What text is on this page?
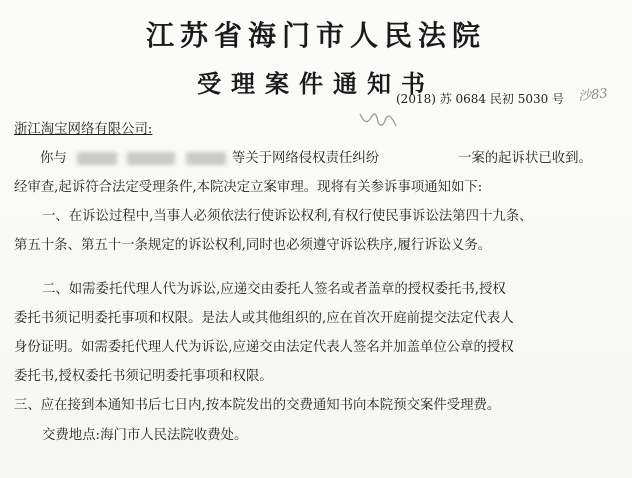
江苏省海门市人民法院
受理案件通知书
(2018) 苏 0684 民初 5030 号 沙83
浙江淘宝网络有限公司:
你与	等关于网络侵权责任纠纷	一案的起诉状已收到。
经审查,起诉符合法定受理条件,本院决定立案审理。现将有关参诉事项通知如下:
一、在诉讼过程中,当事人必须依法行使诉讼权利,有权行使民事诉讼法第四十九条、
第五十条、第五十一条规定的诉讼权利,同时也必须遵守诉讼秩序,履行诉讼义务。
二、如需委托代理人代为诉讼,应递交由委托人签名或者盖章的授权委托书,授权
委托书须记明委托事项和权限。是法人或其他组织的,应在首次开庭前提交法定代表人
身份证明。如需委托代理人代为诉讼,应递交由法定代表人签名并加盖单位公章的授权
委托书,授权委托书须记明委托事项和权限。
三、应在接到本通知书后七日内,按本院发出的交费通知书向本院预交案件受理费。
交费地点:海门市人民法院收费处。
